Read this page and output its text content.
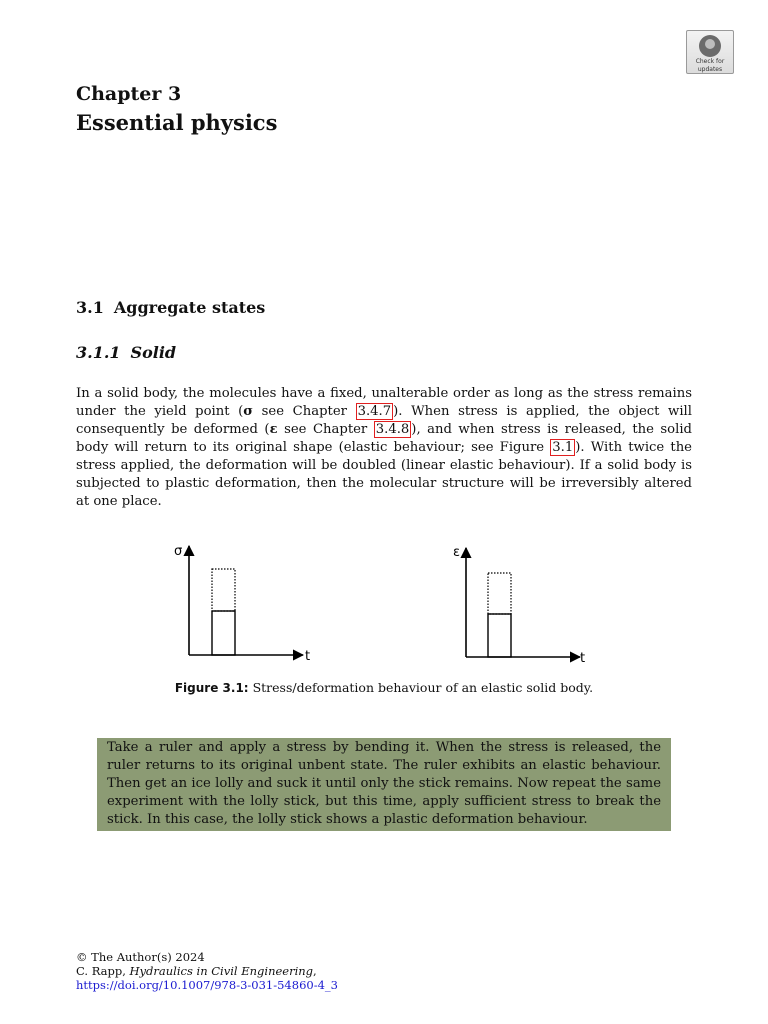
Check for
updates
Chapter 3
Essential physics
3.1 Aggregate states
3.1.1 Solid
In a solid body, the molecules have a fixed, unalterable order as long as the stress remains under the yield point (σ see Chapter 3.4.7 ). When stress is applied, the object will consequently be deformed (ε see Chapter 3.4.8 ), and when stress is released, the solid body will return to its original shape (elastic behaviour; see Figure 3.1 ). With twice the stress applied, the deformation will be doubled (linear elastic behaviour). If a solid body is subjected to plastic deformation, then the molecular structure will be irreversibly altered at one place.
σ
t
ε
t
Figure 3.1: Stress/deformation behaviour of an elastic solid body.
Take a ruler and apply a stress by bending it. When the stress is released, the ruler returns to its original unbent state. The ruler exhibits an elastic behaviour. Then get an ice lolly and suck it until only the stick remains. Now repeat the same experiment with the lolly stick, but this time, apply sufficient stress to break the stick. In this case, the lolly stick shows a plastic deformation behaviour.
© The Author(s) 2024
C. Rapp, Hydraulics in Civil Engineering,
https://doi.org/10.1007/978-3-031-54860-4_3
